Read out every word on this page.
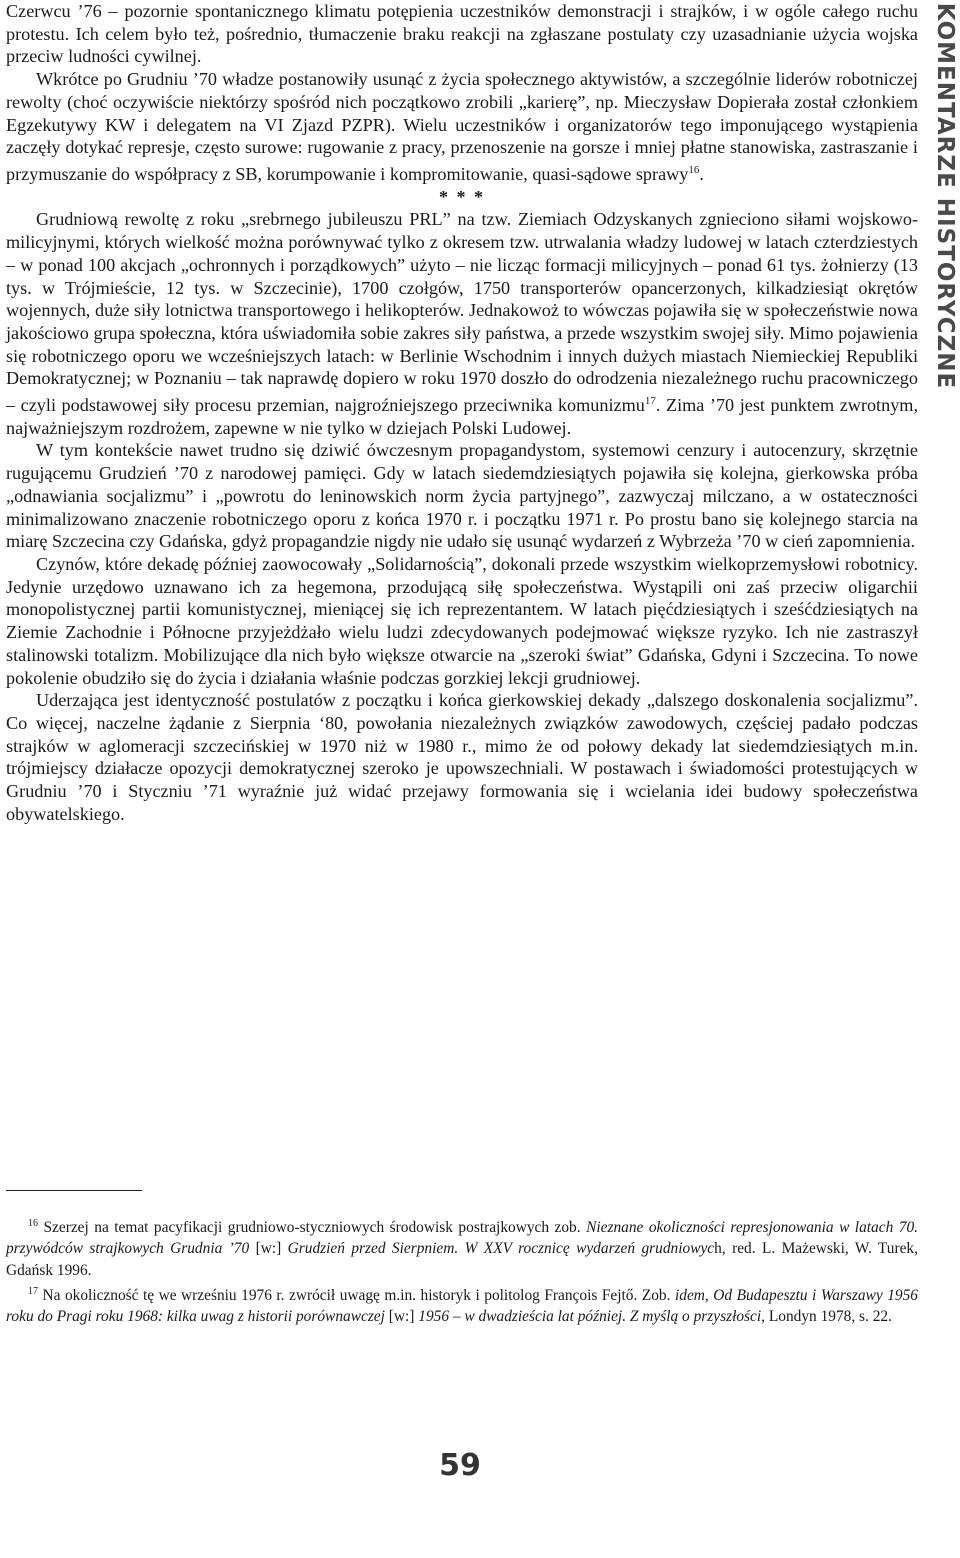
KOMENTARZE HISTORYCZNE

Czerwcu ’76 – pozornie spontanicznego klimatu potępienia uczestników demonstracji i strajków, i w ogóle całego ruchu protestu. Ich celem było też, pośrednio, tłumaczenie braku reakcji na zgłaszane postulaty czy uzasadnianie użycia wojska przeciw ludności cywilnej.

Wkrótce po Grudniu ’70 władze postanowiły usunąć z życia społecznego aktywistów, a szczególnie liderów robotniczej rewolty (choć oczywiście niektórzy spośród nich początkowo zrobili „karierę”, np. Mieczysław Dopierała został członkiem Egzekutywy KW i delegatem na VI Zjazd PZPR). Wielu uczestników i organizatorów tego imponującego wystąpienia zaczęły dotykać represje, często surowe: rugowanie z pracy, przenoszenie na gorsze i mniej płatne stanowiska, zastraszanie i przymuszanie do współpracy z SB, korumpowanie i kompromitowanie, quasi-sądowe sprawy$^{16}$.

* * *

Grudniową rewoltę z roku „srebrnego jubileuszu PRL” na tzw. Ziemiach Odzyskanych zgnieciono siłami wojskowo-milicyjnymi, których wielkość można porównywać tylko z okresem tzw. utrwalania władzy ludowej w latach czterdziestych – w ponad 100 akcjach „ochronnych i porządkowych” użyto – nie licząc formacji milicyjnych – ponad 61 tys. żołnierzy (13 tys. w Trójmieście, 12 tys. w Szczecinie), 1700 czołgów, 1750 transporterów opancerzonych, kilkadziesiąt okrętów wojennych, duże siły lotnictwa transportowego i helikopterów. Jednakowoż to wówczas pojawiła się w społeczeństwie nowa jakościowo grupa społeczna, która uświadomiła sobie zakres siły państwa, a przede wszystkim swojej siły. Mimo pojawienia się robotniczego oporu we wcześniejszych latach: w Berlinie Wschodnim i innych dużych miastach Niemieckiej Republiki Demokratycznej; w Poznaniu – tak naprawdę dopiero w roku 1970 doszło do odrodzenia niezależnego ruchu pracowniczego – czyli podstawowej siły procesu przemian, najgroźniejszego przeciwnika komunizmu$^{17}$. Zima ’70 jest punktem zwrotnym, najważniejszym rozdrożem, zapewne w nie tylko w dziejach Polski Ludowej.

W tym kontekście nawet trudno się dziwić ówczesnym propagandystom, systemowi cenzury i autocenzury, skrzętnie rugującemu Grudzień ’70 z narodowej pamięci. Gdy w latach siedemdziesiątych pojawiła się kolejna, gierkowska próba „odnawiania socjalizmu” i „powrotu do leninowskich norm życia partyjnego”, zazwyczaj milczano, a w ostateczności minimalizowano znaczenie robotniczego oporu z końca 1970 r. i początku 1971 r. Po prostu bano się kolejnego starcia na miarę Szczecina czy Gdańska, gdyż propagandzie nigdy nie udało się usunąć wydarzeń z Wybrzeża ’70 w cień zapomnienia.

Czynów, które dekadę później zaowocowały „Solidarnością”, dokonali przede wszystkim wielkoprzemysłowi robotnicy. Jedynie urzędowo uznawano ich za hegemona, przodującą siłę społeczeństwa. Wystąpili oni zaś przeciw oligarchii monopolistycznej partii komunistycznej, mieniącej się ich reprezentantem. W latach pięćdziesiątych i sześćdziesiątych na Ziemie Zachodnie i Północne przyjeżdżało wielu ludzi zdecydowanych podejmować większe ryzyko. Ich nie zastraszył stalinowski totalizm. Mobilizujące dla nich było większe otwarcie na „szeroki świat” Gdańska, Gdyni i Szczecina. To nowe pokolenie obudziło się do życia i działania właśnie podczas gorzkiej lekcji grudniowej.

Uderzająca jest identyczność postulatów z początku i końca gierkowskiej dekady „dalszego doskonalenia socjalizmu”. Co więcej, naczelne żądanie z Sierpnia ‘80, powołania niezależnych związków zawodowych, częściej padało podczas strajków w aglomeracji szczecińskiej w 1970 niż w 1980 r., mimo że od połowy dekady lat siedemdziesiątych m.in. trójmiejscy działacze opozycji demokratycznej szeroko je upowszechniali. W postawach i świadomości protestujących w Grudniu ’70 i Styczniu ’71 wyraźnie już widać przejawy formowania się i wcielania idei budowy społeczeństwa obywatelskiego.

$^{16}$ Szerzej na temat pacyfikacji grudniowo-styczniowych środowisk postrajkowych zob. Nieznane okoliczności represjonowania w latach 70. przywódców strajkowych Grudnia ’70 [w:] Grudzień przed Sierpniem. W XXV rocznicę wydarzeń grudniowych, red. L. Mażewski, W. Turek, Gdańsk 1996.

$^{17}$ Na okoliczność tę we wrześniu 1976 r. zwrócił uwagę m.in. historyk i politolog François Fejtő. Zob. idem, Od Budapesztu i Warszawy 1956 roku do Pragi roku 1968: kilka uwag z historii porównawczej [w:] 1956 – w dwadzieścia lat później. Z myślą o przyszłości, Londyn 1978, s. 22.

59
